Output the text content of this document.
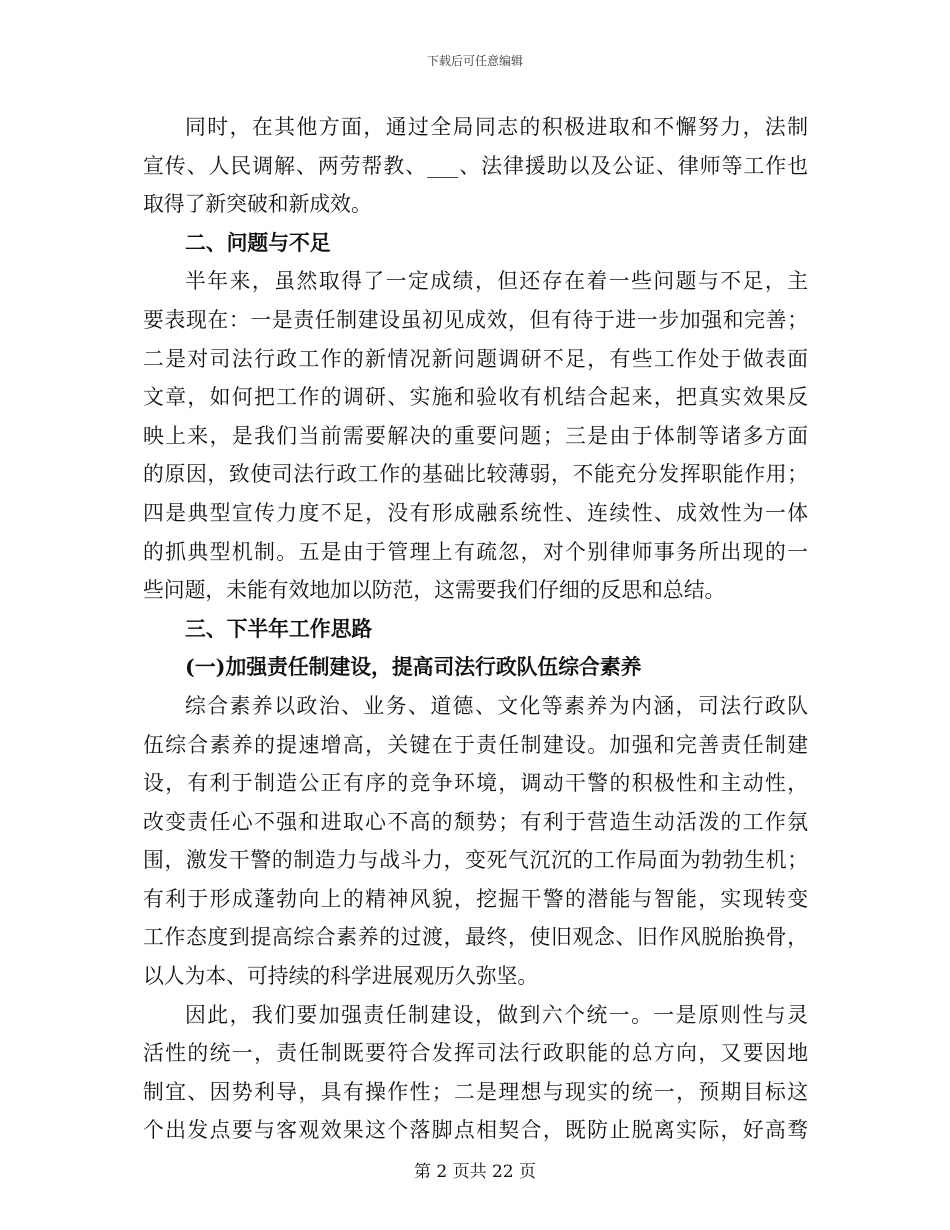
下载后可任意编辑
同时，在其他方面，通过全局同志的积极进取和不懈努力，法制
宣传、人民调解、两劳帮教、___、法律援助以及公证、律师等工作也
取得了新突破和新成效。
二、问题与不足
半年来，虽然取得了一定成绩，但还存在着一些问题与不足，主
要表现在：一是责任制建设虽初见成效，但有待于进一步加强和完善；
二是对司法行政工作的新情况新问题调研不足，有些工作处于做表面
文章，如何把工作的调研、实施和验收有机结合起来，把真实效果反
映上来，是我们当前需要解决的重要问题；三是由于体制等诸多方面
的原因，致使司法行政工作的基础比较薄弱，不能充分发挥职能作用；
四是典型宣传力度不足，没有形成融系统性、连续性、成效性为一体
的抓典型机制。五是由于管理上有疏忽，对个别律师事务所出现的一
些问题，未能有效地加以防范，这需要我们仔细的反思和总结。
三、下半年工作思路
(一)加强责任制建设，提高司法行政队伍综合素养
综合素养以政治、业务、道德、文化等素养为内涵，司法行政队
伍综合素养的提速增高，关键在于责任制建设。加强和完善责任制建
设，有利于制造公正有序的竞争环境，调动干警的积极性和主动性，
改变责任心不强和进取心不高的颓势；有利于营造生动活泼的工作氛
围，激发干警的制造力与战斗力，变死气沉沉的工作局面为勃勃生机；
有利于形成蓬勃向上的精神风貌，挖掘干警的潜能与智能，实现转变
工作态度到提高综合素养的过渡，最终，使旧观念、旧作风脱胎换骨，
以人为本、可持续的科学进展观历久弥坚。
因此，我们要加强责任制建设，做到六个统一。一是原则性与灵
活性的统一，责任制既要符合发挥司法行政职能的总方向，又要因地
制宜、因势利导，具有操作性；二是理想与现实的统一，预期目标这
个出发点要与客观效果这个落脚点相契合，既防止脱离实际，好高骛
第 2 页共 22 页
